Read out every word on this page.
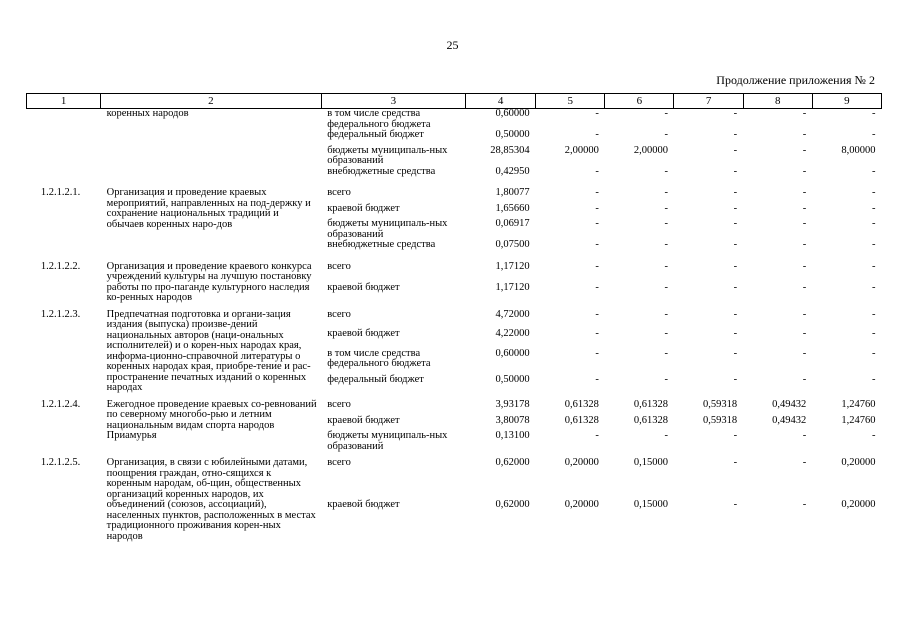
25
Продолжение приложения № 2
1	2	3	4	5	6	7	8	9
	коренных народов	в том числе средства федерального бюджета	0,60000	-	-	-	-	-
		федеральный бюджет	0,50000	-	-	-	-	-
		бюджеты муниципаль-ных образований	28,85304	2,00000	2,00000	-	-	8,00000
		внебюджетные средства	0,42950	-	-	-	-	-

1.2.1.2.1.	Организация и проведение краевых мероприятий, направленных на под-держку и сохранение национальных традиций и обычаев коренных наро-дов	всего	1,80077	-	-	-	-	-
		краевой бюджет	1,65660	-	-	-	-	-
		бюджеты муниципаль-ных образований	0,06917	-	-	-	-	-
		внебюджетные средства	0,07500	-	-	-	-	-

1.2.1.2.2.	Организация и проведение краевого конкурса учреждений культуры на лучшую постановку работы по про-паганде культурного наследия ко-ренных народов	всего	1,17120	-	-	-	-	-
		краевой бюджет	1,17120	-	-	-	-	-

1.2.1.2.3.	Предпечатная подготовка и органи-зация издания (выпуска) произве-дений национальных авторов (наци-ональных исполнителей) и о корен-ных народах края, информа-ционно-справочной литературы о коренных народах края, приобре-тение и рас-пространение печатных изданий о коренных народах	всего	4,72000	-	-	-	-	-
		краевой бюджет	4,22000	-	-	-	-	-
		в том числе средства федерального бюджета	0,60000	-	-	-	-	-
		федеральный бюджет	0,50000	-	-	-	-	-

1.2.1.2.4.	Ежегодное проведение краевых со-ревнований по северному многобо-рью и летним национальным видам спорта народов Приамурья	всего	3,93178	0,61328	0,61328	0,59318	0,49432	1,24760
		краевой бюджет	3,80078	0,61328	0,61328	0,59318	0,49432	1,24760
		бюджеты муниципаль-ных образований	0,13100	-	-	-	-	-

1.2.1.2.5.	Организация, в связи с юбилейными датами, поощрения граждан, отно-сящихся к коренным народам, об-щин, общественных организаций коренных народов, их объединений (союзов, ассоциаций), населенных пунктов, расположенных в местах традиционного проживания корен-ных народов	всего	0,62000	0,20000	0,15000	-	-	0,20000
		краевой бюджет	0,62000	0,20000	0,15000	-	-	0,20000
